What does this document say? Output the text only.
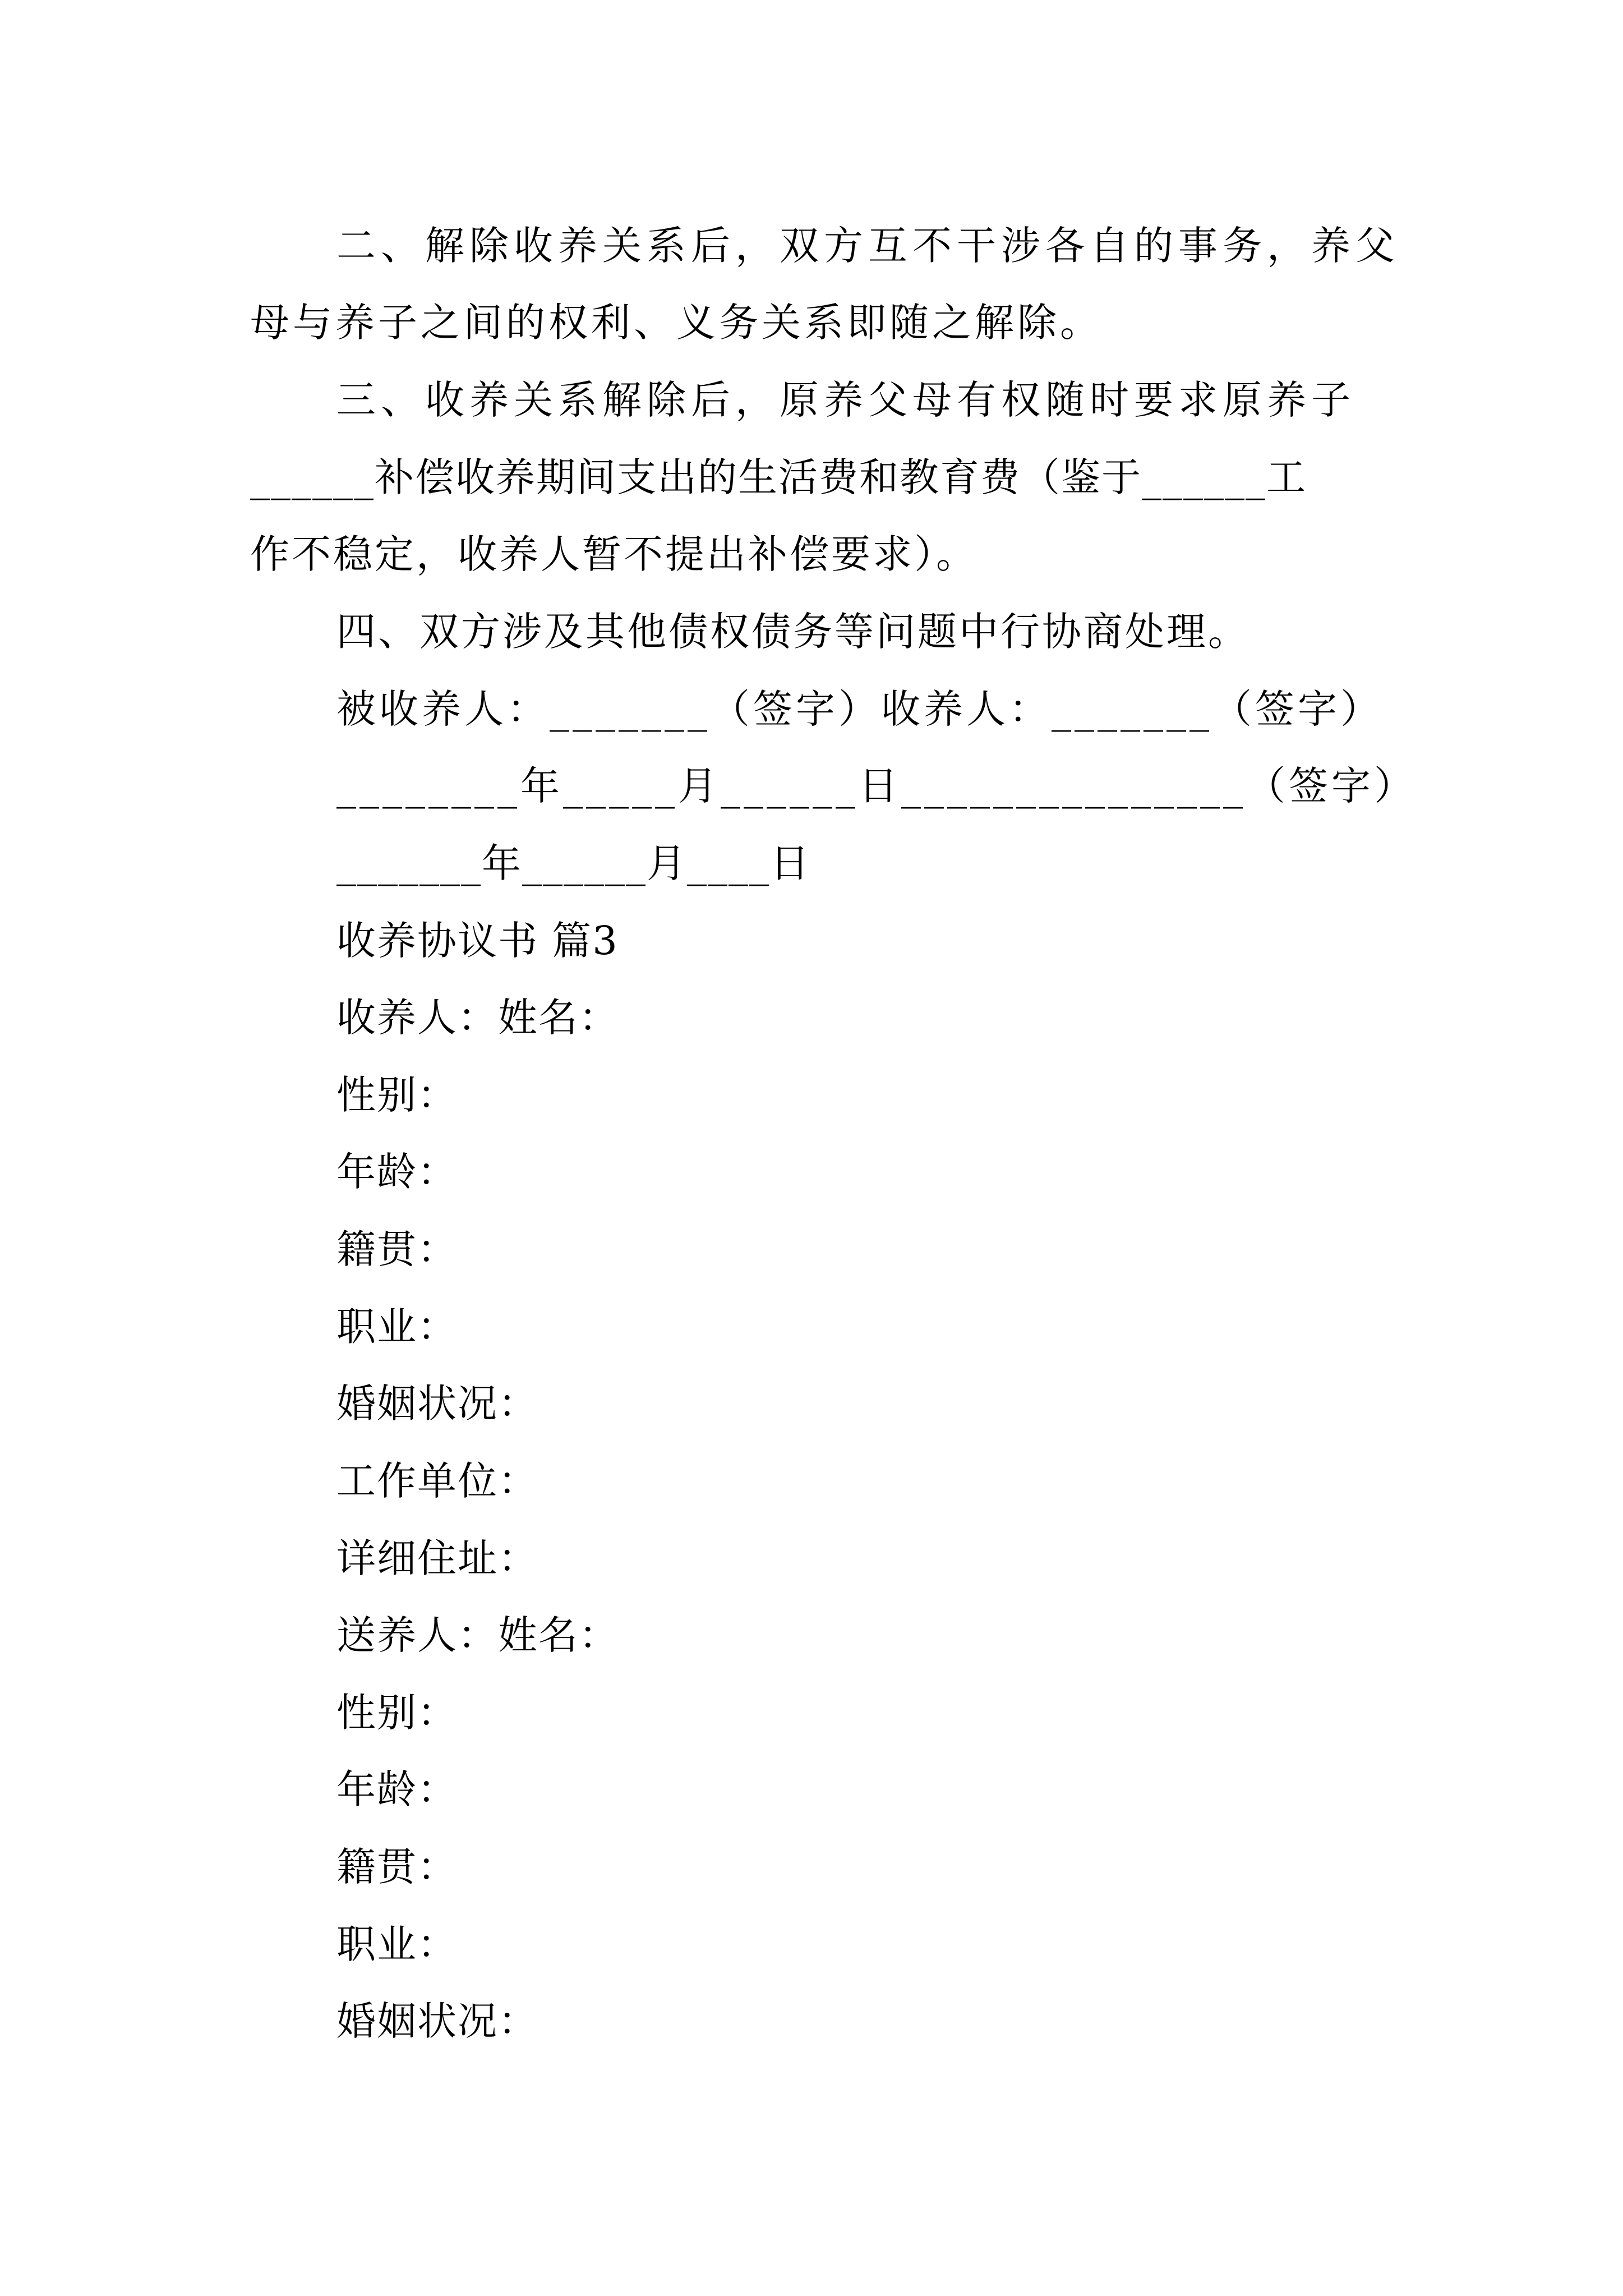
二、解除收养关系后，双方互不干涉各自的事务，养父
母与养子之间的权利、义务关系即随之解除。
三、收养关系解除后，原养父母有权随时要求原养子
______补偿收养期间支出的生活费和教育费（鉴于______工
作不稳定，收养人暂不提出补偿要求）。
四、双方涉及其他债权债务等问题中行协商处理。
被收养人：_______（签字）收养人：_______（签字）
________年_____月______日_______________（签字）
_______年______月____日
收养协议书 篇3
收养人：姓名：
性别：
年龄：
籍贯：
职业：
婚姻状况：
工作单位：
详细住址：
送养人：姓名：
性别：
年龄：
籍贯：
职业：
婚姻状况：
